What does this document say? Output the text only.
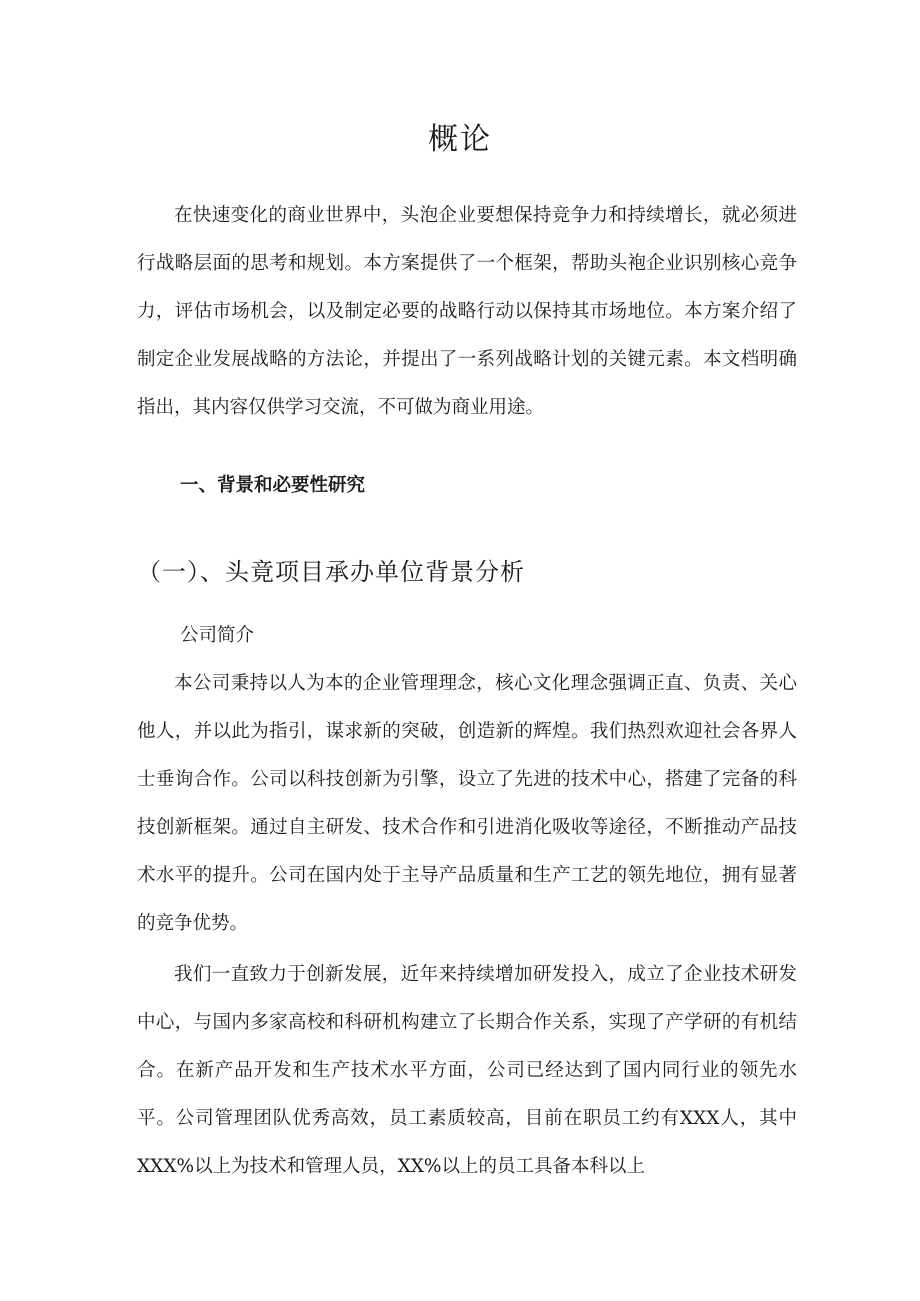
概论

在快速变化的商业世界中，头泡企业要想保持竞争力和持续增长，就必须进行战略层面的思考和规划。本方案提供了一个框架，帮助头袍企业识别核心竞争力，评估市场机会，以及制定必要的战略行动以保持其市场地位。本方案介绍了制定企业发展战略的方法论，并提出了一系列战略计划的关键元素。本文档明确指出，其内容仅供学习交流，不可做为商业用途。

一、背景和必要性研究
（一）、头竟项目承办单位背景分析
公司简介

本公司秉持以人为本的企业管理理念，核心文化理念强调正直、负责、关心他人，并以此为指引，谋求新的突破，创造新的辉煌。我们热烈欢迎社会各界人士垂询合作。公司以科技创新为引擎，设立了先进的技术中心，搭建了完备的科技创新框架。通过自主研发、技术合作和引进消化吸收等途径，不断推动产品技术水平的提升。公司在国内处于主导产品质量和生产工艺的领先地位，拥有显著的竞争优势。

我们一直致力于创新发展，近年来持续增加研发投入，成立了企业技术研发中心，与国内多家高校和科研机构建立了长期合作关系，实现了产学研的有机结合。在新产品开发和生产技术水平方面，公司已经达到了国内同行业的领先水平。公司管理团队优秀高效，员工素质较高，目前在职员工约有XXX人，其中XXX%以上为技术和管理人员，XX%以上的员工具备本科以上
